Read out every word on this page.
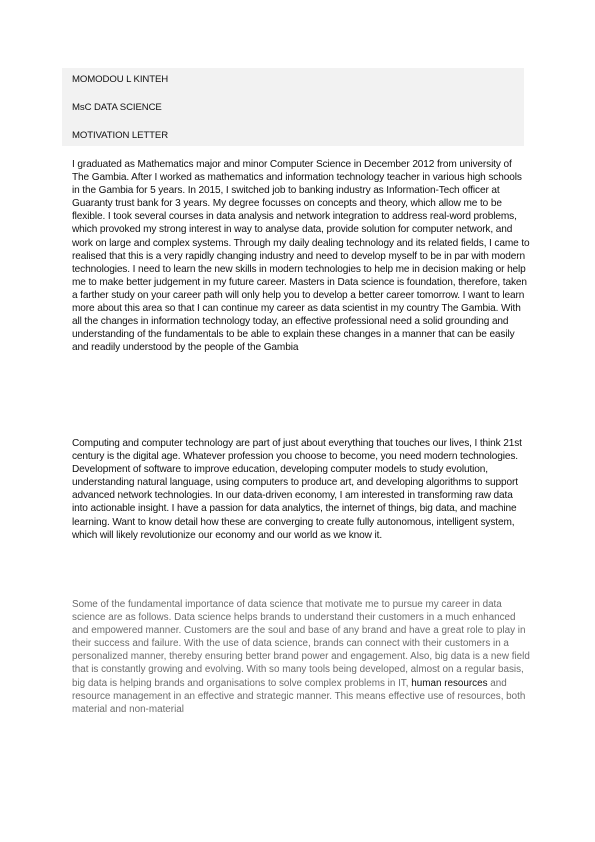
MOMODOU L KINTEH
MsC DATA SCIENCE
MOTIVATION LETTER

I graduated as Mathematics major and minor Computer Science in December 2012 from university of The Gambia. After I worked as mathematics and information technology teacher in various high schools in the Gambia for 5 years. In 2015, I switched job to banking industry as Information-Tech officer at Guaranty trust bank for 3 years. My degree focusses on concepts and theory, which allow me to be flexible. I took several courses in data analysis and network integration to address real-word problems, which provoked my strong interest in way to analyse data, provide solution for computer network, and work on large and complex systems. Through my daily dealing technology and its related fields, I came to realised that this is a very rapidly changing industry and need to develop myself to be in par with modern technologies. I need to learn the new skills in modern technologies to help me in decision making or help me to make better judgement in my future career. Masters in Data science is foundation, therefore, taken a farther study on your career path will only help you to develop a better career tomorrow. I want to learn more about this area so that I can continue my career as data scientist in my country The Gambia. With all the changes in information technology today, an effective professional need a solid grounding and understanding of the fundamentals to be able to explain these changes in a manner that can be easily and readily understood by the people of the Gambia

Computing and computer technology are part of just about everything that touches our lives, I think 21st century is the digital age. Whatever profession you choose to become, you need modern technologies. Development of software to improve education, developing computer models to study evolution, understanding natural language, using computers to produce art, and developing algorithms to support advanced network technologies. In our data-driven economy, I am interested in transforming raw data into actionable insight. I have a passion for data analytics, the internet of things, big data, and machine learning. Want to know detail how these are converging to create fully autonomous, intelligent system, which will likely revolutionize our economy and our world as we know it.

Some of the fundamental importance of data science that motivate me to pursue my career in data science are as follows. Data science helps brands to understand their customers in a much enhanced and empowered manner. Customers are the soul and base of any brand and have a great role to play in their success and failure. With the use of data science, brands can connect with their customers in a personalized manner, thereby ensuring better brand power and engagement. Also, big data is a new field that is constantly growing and evolving. With so many tools being developed, almost on a regular basis, big data is helping brands and organisations to solve complex problems in IT, human resources and resource management in an effective and strategic manner. This means effective use of resources, both material and non-material
